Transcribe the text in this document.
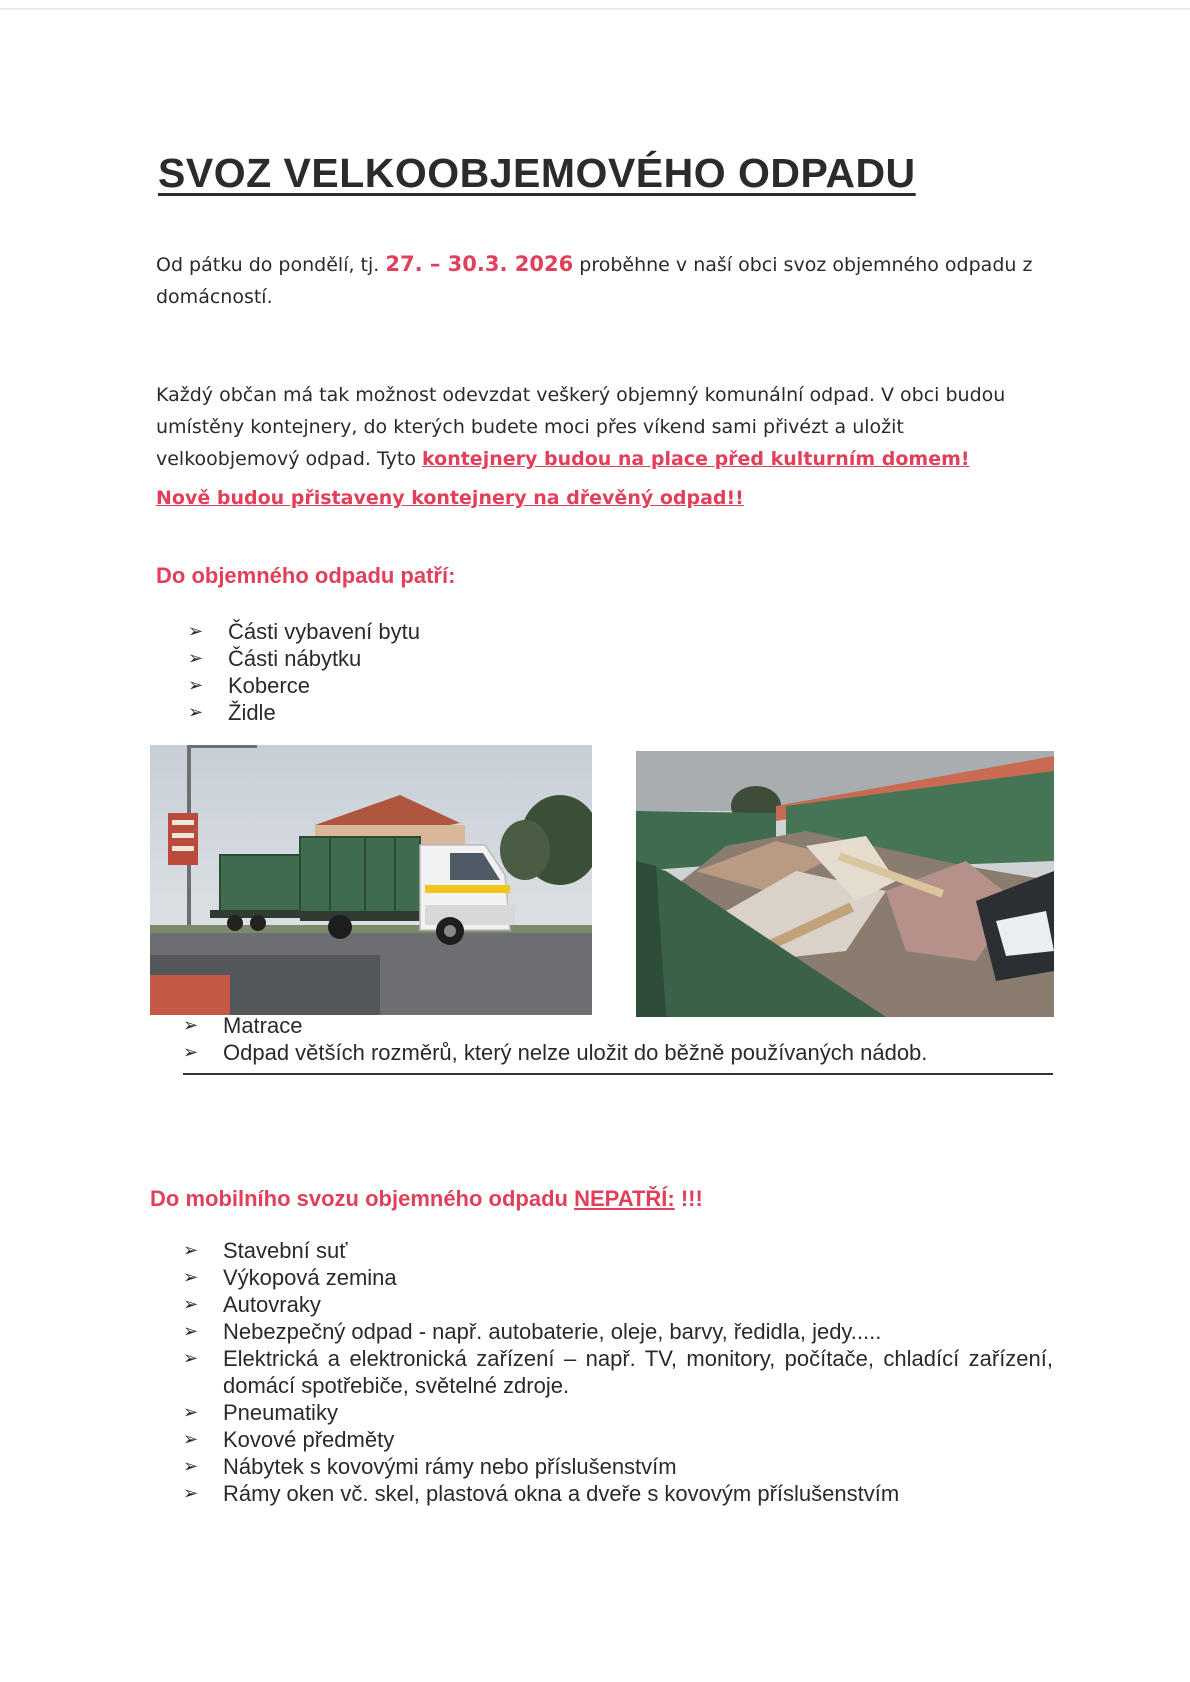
SVOZ VELKOOBJEMOVÉHO ODPADU

Od pátku do pondělí, tj. 27. – 30.3. 2026 proběhne v naší obci svoz objemného odpadu z domácností.

Každý občan má tak možnost odevzdat veškerý objemný komunální odpad. V obci budou umístěny kontejnery, do kterých budete moci přes víkend sami přivézt a uložit velkoobjemový odpad. Tyto kontejnery budou na place před kulturním domem!

Nově budou přistaveny kontejnery na dřevěný odpad!!

Do objemného odpadu patří:
➢ Části vybavení bytu
➢ Části nábytku
➢ Koberce
➢ Židle
➢ Matrace
➢ Odpad větších rozměrů, který nelze uložit do běžně používaných nádob.
Do mobilního svozu objemného odpadu NEPATŘÍ: !!!
➢ Stavební suť
➢ Výkopová zemina
➢ Autovraky
➢ Nebezpečný odpad - např. autobaterie, oleje, barvy, ředidla, jedy.....
➢ Elektrická a elektronická zařízení – např. TV, monitory, počítače, chladící zařízení, domácí spotřebiče, světelné zdroje.
➢ Pneumatiky
➢ Kovové předměty
➢ Nábytek s kovovými rámy nebo příslušenstvím
➢ Rámy oken vč. skel, plastová okna a dveře s kovovým příslušenstvím
